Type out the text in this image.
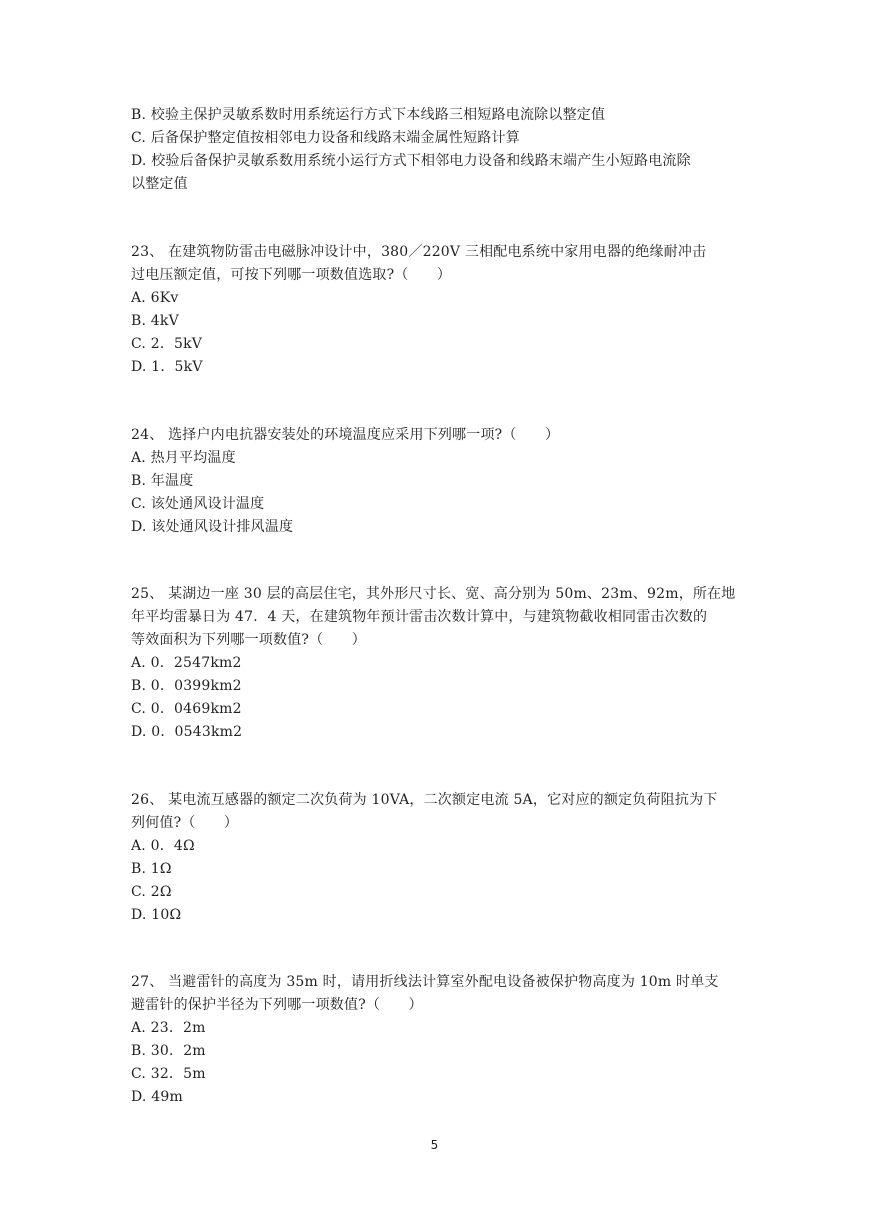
B. 校验主保护灵敏系数时用系统运行方式下本线路三相短路电流除以整定值
C. 后备保护整定值按相邻电力设备和线路末端金属性短路计算
D. 校验后备保护灵敏系数用系统小运行方式下相邻电力设备和线路末端产生小短路电流除
以整定值
23、 在建筑物防雷击电磁脉冲设计中，380／220V 三相配电系统中家用电器的绝缘耐冲击
过电压额定值，可按下列哪一项数值选取?（　　）
A. 6Kv
B. 4kV
C. 2．5kV
D. 1．5kV
24、 选择户内电抗器安装处的环境温度应采用下列哪一项?（　　）
A. 热月平均温度
B. 年温度
C. 该处通风设计温度
D. 该处通风设计排风温度
25、 某湖边一座 30 层的高层住宅，其外形尺寸长、宽、高分别为 50m、23m、92m，所在地
年平均雷暴日为 47．4 天，在建筑物年预计雷击次数计算中，与建筑物截收相同雷击次数的
等效面积为下列哪一项数值?（　　）
A. 0．2547km2
B. 0．0399km2
C. 0．0469km2
D. 0．0543km2
26、 某电流互感器的额定二次负荷为 10VA，二次额定电流 5A，它对应的额定负荷阻抗为下
列何值?（　　）
A. 0．4Ω
B. 1Ω
C. 2Ω
D. 10Ω
27、 当避雷针的高度为 35m 时，请用折线法计算室外配电设备被保护物高度为 10m 时单支
避雷针的保护半径为下列哪一项数值?（　　）
A. 23．2m
B. 30．2m
C. 32．5m
D. 49m
5
